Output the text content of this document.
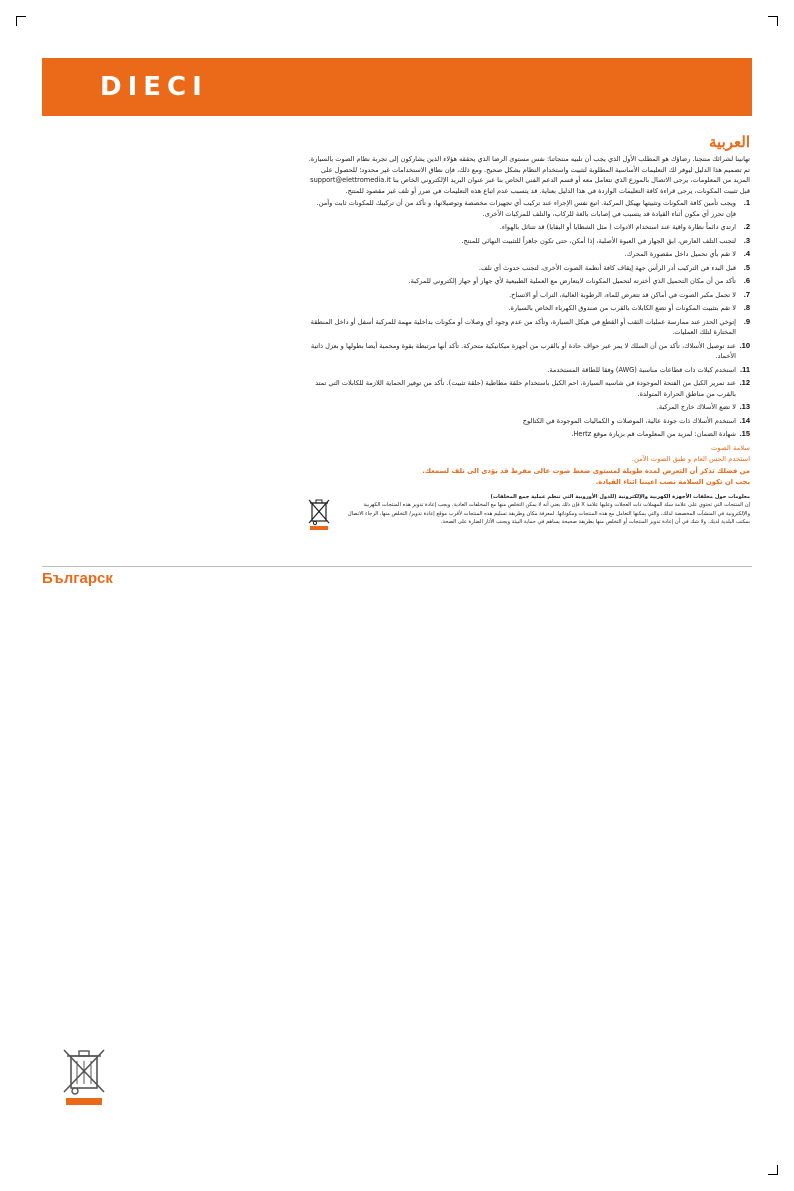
DIECI
العربية

تهانينا لشرائك منتجنا. رضاؤك هو المطلب الأول الذي يجب أن تلبيه منتجاتنا: نفس مستوى الرضا الذي يحققه هؤلاء الذين يشاركون إلى تجربة نظام الصوت بالسيارة.

تم تصميم هذا الدليل ليوفر لك التعليمات الأساسية المطلوبة لتثبيت واستخدام النظام بشكل صحيح. ومع ذلك، فإن نطاق الاستخدامات غير محدود؛ للحصول على

المزيد من المعلومات، يرجى الاتصال بالموزع الذي تتعامل معه أو قسم الدعم الفني الخاص بنا عبر عنوان البريد الإلكتروني الخاص بنا support@elettromedia.it

قبل تثبيت المكونات، يرجى قراءة كافة التعليمات الواردة في هذا الدليل بعناية. قد يتسبب عدم اتباع هذه التعليمات في ضرر أو تلف غير مقصود للمنتج.

1.
ويجب تأمين كافة المكونات وتثبيتها بهيكل المركبة. اتبع نفس الإجراء عند تركيب أي تجهيزات مخصصة وتوصيلاتها، و تأكد من أن تركيبك للمكونات ثابت وآمن. فإن تحرر أي مكون أثناء القيادة قد يتسبب في إصابات بالغة للركاب، والتلف للمركبات الأخرى.
2.
ارتدي دائماً نظارة واقية عند استخدام الادوات ( مثل الشظايا أو البقايا) قد تتناثل بالهواء.
3.
لتجنب التلف العارض، ابق الجهاز في العبوة الأصلية، إذا أمكن، حتى تكون جاهزاً للتثبيت النهائي للمنتج.
4.
لا تقم بأي تحميل داخل مقصورة المحرك.
5.
قبل البدء في التركيب أدر الرأس جهة إيقاف كافة أنظمة الصوت الأخرى، لتجنب حدوث أي تلف.
6.
تأكد من أن مكان التحميل الذي أخترته لتحميل المكونات لايتعارض مع العملية الطبيعية لأي جهاز أو جهاز إلكتروني للمركبة.
7.
لا تحمل مكبر الصوت في أماكن قد تتعرض للماء، الرطوبة العالية، التراب أو الاتساخ.
8.
لا تقم بتثبيت المكونات أو تضع الكابلات بالقرب من صندوق الكهرباء الخاص بالسيارة.
9.
إتوخي الحذر عند ممارسة عمليات الثقب أو القطع في هيكل السيارة، وتأكد من عدم وجود أي وصلات أو مكونات بداخلية مهمة للمركبة أسفل أو داخل المنطقة المختارة لتلك العمليات.
10.
عند توصيل الأسلاك، تأكد من أن السلك لا يمر عبر حواف حادة أو بالقرب من أجهزة ميكانيكية متحركة. تأكد أنها مرتبطة بقوة ومحمية أيضا بطولها و بعزل ذاتية الأخماد.
11.
استخدم كبلات ذات قطاعات مناسبة (AWG) وفقا للطاقة المستخدمة.
12.
عند تمرير الكبل من الفتحة الموجودة في شاسيه السيارة، احم الكبل باستخدام حلقة مطاطية (حلقة تثبيت). تأكد من توفير الحماية اللازمة للكابلات التي تمتد بالقرب من مناطق الحرارة المتولدة.
13.
لا تضع الأسلاك خارج المركبة.
14.
استخدم الأسلاك ذات جودة عالية، الموصلات و الكماليات الموجودة في الكتالوج
15.
شهادة الضمان: لمزيد من المعلومات قم بزيارة موقع Hertz.

سلامة الصوت

استخدم الحس العام و طبق الصوت الآمن.

من فضلك تذكر أن التعرض لمدة طويلة لمستوى ضغط صوت عالى مفرط قد يؤدى الى تلف لسمعك.

يجب ان تكون السلامة نصب اعيننا اثناء القيادة.

معلومات حول مخلفات الأجهزة الكهربية والإلكترونية (للدول الأوروبية التي تنظم عملية جمع المخلفات)

إن المنتجات التي تحتوي على علامة سلة المهملات ذات العجلات وعليها علامة X فإن ذلك يعني أنه لا يمكن التخلص منها مع المخلفات العادية. ويجب إعادة تدوير هذه المنتجات الكهربية والإلكترونية في المنشآت المخصصة لذلك، والتي يمكنها التعامل مع هذه المنتجات ومكوناتها. لمعرفة مكان وطريقة تسليم هذه المنتجات لأقرب موقع إعادة تدوير/ التخلص منها، الرجاء الاتصال بمكتب البلدية لديك. ولا شك في أن إعادة تدوير المنتجات أو التخلص منها بطريقة صحيحة يساهم في حماية البيئة ويجنب الآثار الضارة على الصحة.

Българск
